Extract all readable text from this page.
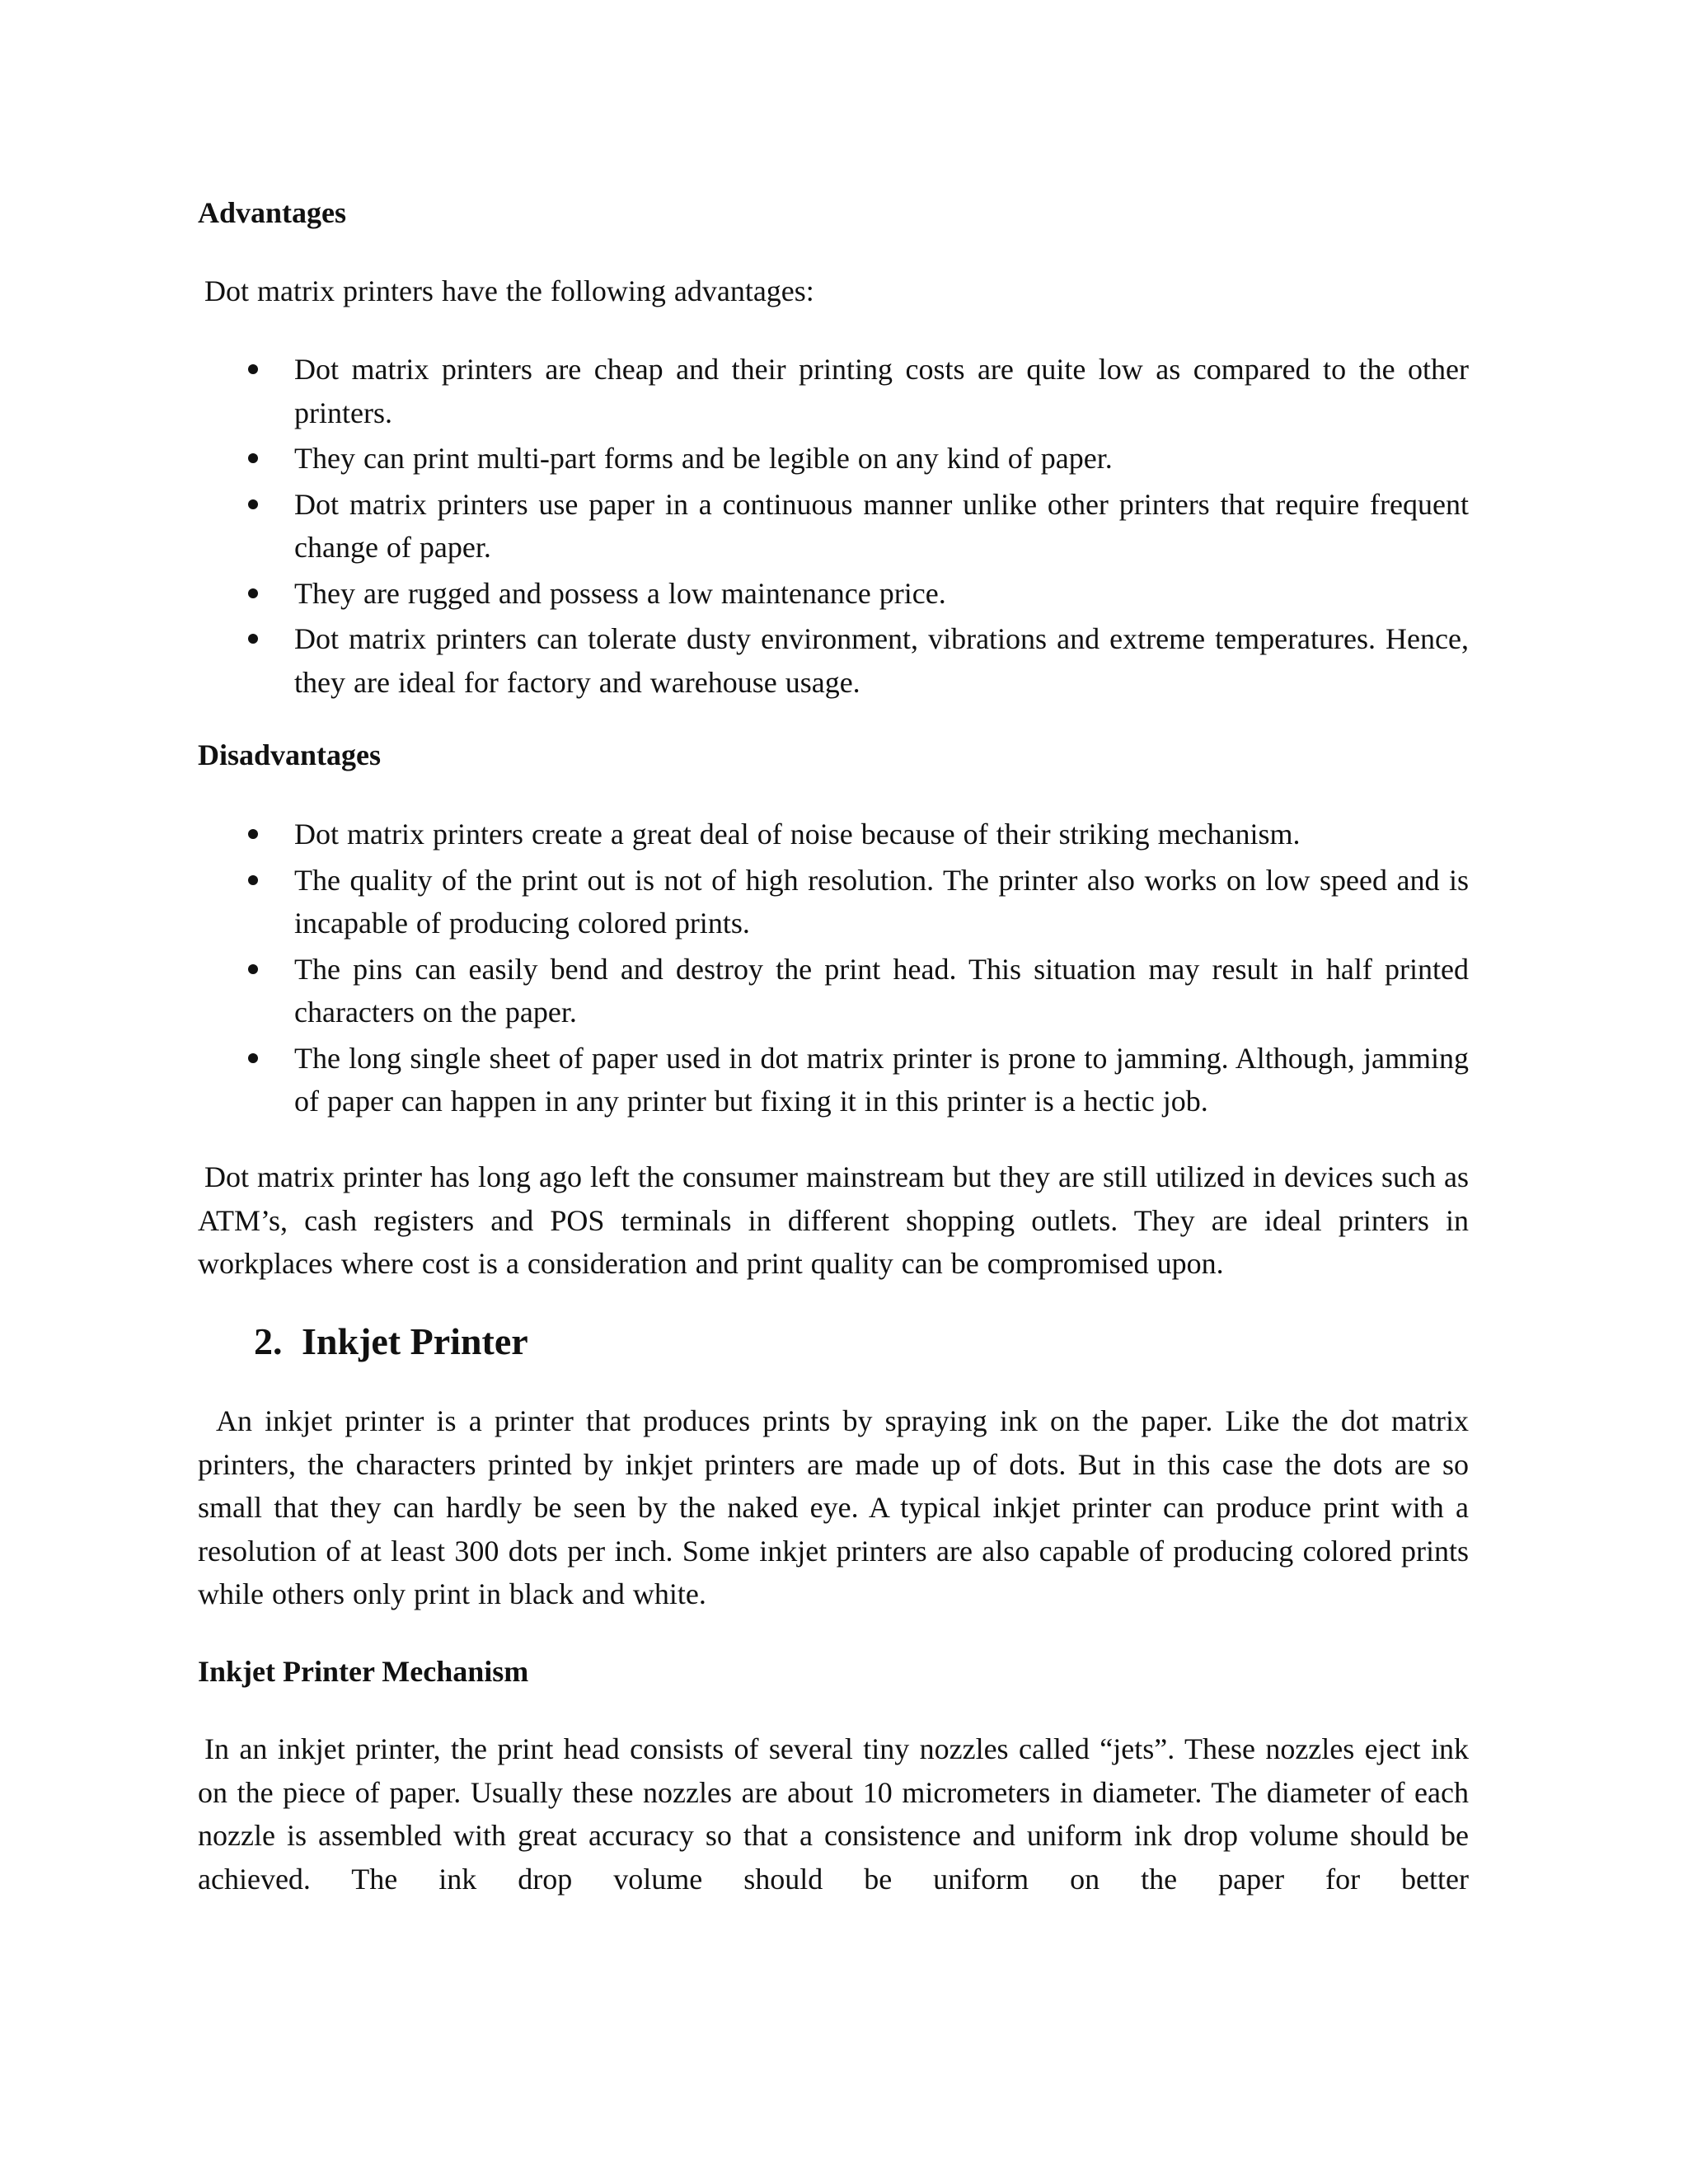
Advantages
Dot matrix printers have the following advantages:
Dot matrix printers are cheap and their printing costs are quite low as compared to the other printers.
They can print multi-part forms and be legible on any kind of paper.
Dot matrix printers use paper in a continuous manner unlike other printers that require frequent change of paper.
They are rugged and possess a low maintenance price.
Dot matrix printers can tolerate dusty environment, vibrations and extreme temperatures. Hence, they are ideal for factory and warehouse usage.
Disadvantages
Dot matrix printers create a great deal of noise because of their striking mechanism.
The quality of the print out is not of high resolution. The printer also works on low speed and is incapable of producing colored prints.
The pins can easily bend and destroy the print head. This situation may result in half printed characters on the paper.
The long single sheet of paper used in dot matrix printer is prone to jamming. Although, jamming of paper can happen in any printer but fixing it in this printer is a hectic job.
Dot matrix printer has long ago left the consumer mainstream but they are still utilized in devices such as ATM’s, cash registers and POS terminals in different shopping outlets. They are ideal printers in workplaces where cost is a consideration and print quality can be compromised upon.
2. Inkjet Printer
An inkjet printer is a printer that produces prints by spraying ink on the paper. Like the dot matrix printers, the characters printed by inkjet printers are made up of dots. But in this case the dots are so small that they can hardly be seen by the naked eye. A typical inkjet printer can produce print with a resolution of at least 300 dots per inch. Some inkjet printers are also capable of producing colored prints while others only print in black and white.
Inkjet Printer Mechanism
In an inkjet printer, the print head consists of several tiny nozzles called “jets”. These nozzles eject ink on the piece of paper. Usually these nozzles are about 10 micrometers in diameter. The diameter of each nozzle is assembled with great accuracy so that a consistence and uniform ink drop volume should be achieved. The ink drop volume should be uniform on the paper for better
